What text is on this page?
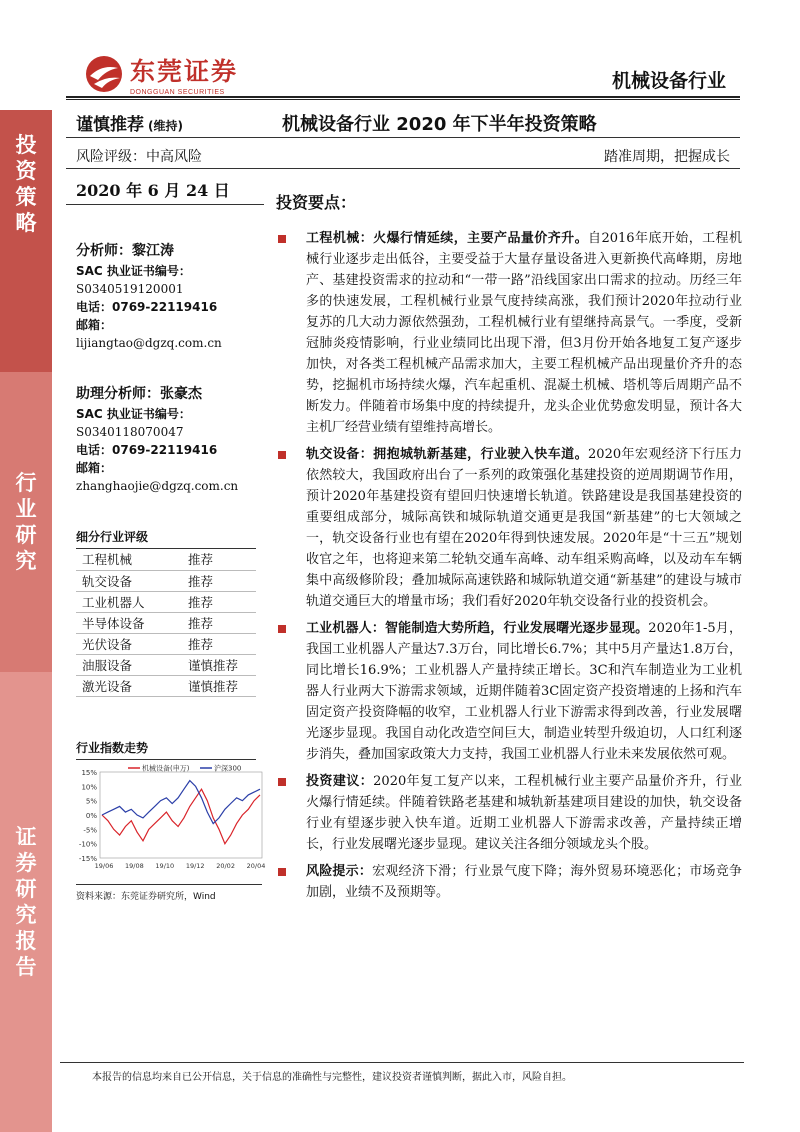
投
资
策
略
行
业
研
究
证
券
研
究
报
告
东莞证券
DONGGUAN SECURITIES
机械设备行业
谨慎推荐 (维持)	机械设备行业 2020 年下半年投资策略
风险评级：中高风险	踏准周期，把握成长
2020 年 6 月 24 日
分析师：黎江涛
SAC 执业证书编号：
S0340519120001
电话：0769-22119416
邮箱：
lijiangtao@dgzq.com.cn
助理分析师：张豪杰
SAC 执业证书编号：
S0340118070047
电话：0769-22119416
邮箱：
zhanghaojie@dgzq.com.cn
细分行业评级
工程机械	推荐
轨交设备	推荐
工业机器人	推荐
半导体设备	推荐
光伏设备	推荐
油服设备	谨慎推荐
激光设备	谨慎推荐
行业指数走势
15%
10%
5%
0%
-5%
-10%
-15%
19/06 19/08 19/10 19/12 20/02 20/04
机械设备(申万)	沪深300
资料来源：东莞证券研究所，Wind
投资要点：
工程机械：火爆行情延续，主要产品量价齐升。自2016年底开始，工程机械行业逐步走出低谷，主要受益于大量存量设备进入更新换代高峰期，房地产、基建投资需求的拉动和“一带一路”沿线国家出口需求的拉动。历经三年多的快速发展，工程机械行业景气度持续高涨，我们预计2020年拉动行业复苏的几大动力源依然强劲，工程机械行业有望继持高景气。一季度，受新冠肺炎疫情影响，行业业绩同比出现下滑，但3月份开始各地复工复产逐步加快，对各类工程机械产品需求加大，主要工程机械产品出现量价齐升的态势，挖掘机市场持续火爆，汽车起重机、混凝土机械、塔机等后周期产品不断发力。伴随着市场集中度的持续提升，龙头企业优势愈发明显，预计各大主机厂经营业绩有望维持高增长。
轨交设备：拥抱城轨新基建，行业驶入快车道。2020年宏观经济下行压力依然较大，我国政府出台了一系列的政策强化基建投资的逆周期调节作用，预计2020年基建投资有望回归快速增长轨道。铁路建设是我国基建投资的重要组成部分，城际高铁和城际轨道交通更是我国“新基建”的七大领域之一，轨交设备行业也有望在2020年得到快速发展。2020年是“十三五”规划收官之年，也将迎来第二轮轨交通车高峰、动车组采购高峰，以及动车车辆集中高级修阶段；叠加城际高速铁路和城际轨道交通“新基建”的建设与城市轨道交通巨大的增量市场；我们看好2020年轨交设备行业的投资机会。
工业机器人：智能制造大势所趋，行业发展曙光逐步显现。2020年1-5月，我国工业机器人产量达7.3万台，同比增长6.7%；其中5月产量达1.8万台，同比增长16.9%；工业机器人产量持续正增长。3C和汽车制造业为工业机器人行业两大下游需求领域，近期伴随着3C固定资产投资增速的上扬和汽车固定资产投资降幅的收窄，工业机器人行业下游需求得到改善，行业发展曙光逐步显现。我国自动化改造空间巨大，制造业转型升级迫切，人口红利逐步消失，叠加国家政策大力支持，我国工业机器人行业未来发展依然可观。
投资建议：2020年复工复产以来，工程机械行业主要产品量价齐升，行业火爆行情延续。伴随着铁路老基建和城轨新基建项目建设的加快，轨交设备行业有望逐步驶入快车道。近期工业机器人下游需求改善，产量持续正增长，行业发展曙光逐步显现。建议关注各细分领域龙头个股。
风险提示：宏观经济下滑；行业景气度下降；海外贸易环境恶化；市场竞争加剧，业绩不及预期等。
本报告的信息均来自已公开信息，关于信息的准确性与完整性，建议投资者谨慎判断，据此入市，风险自担。
